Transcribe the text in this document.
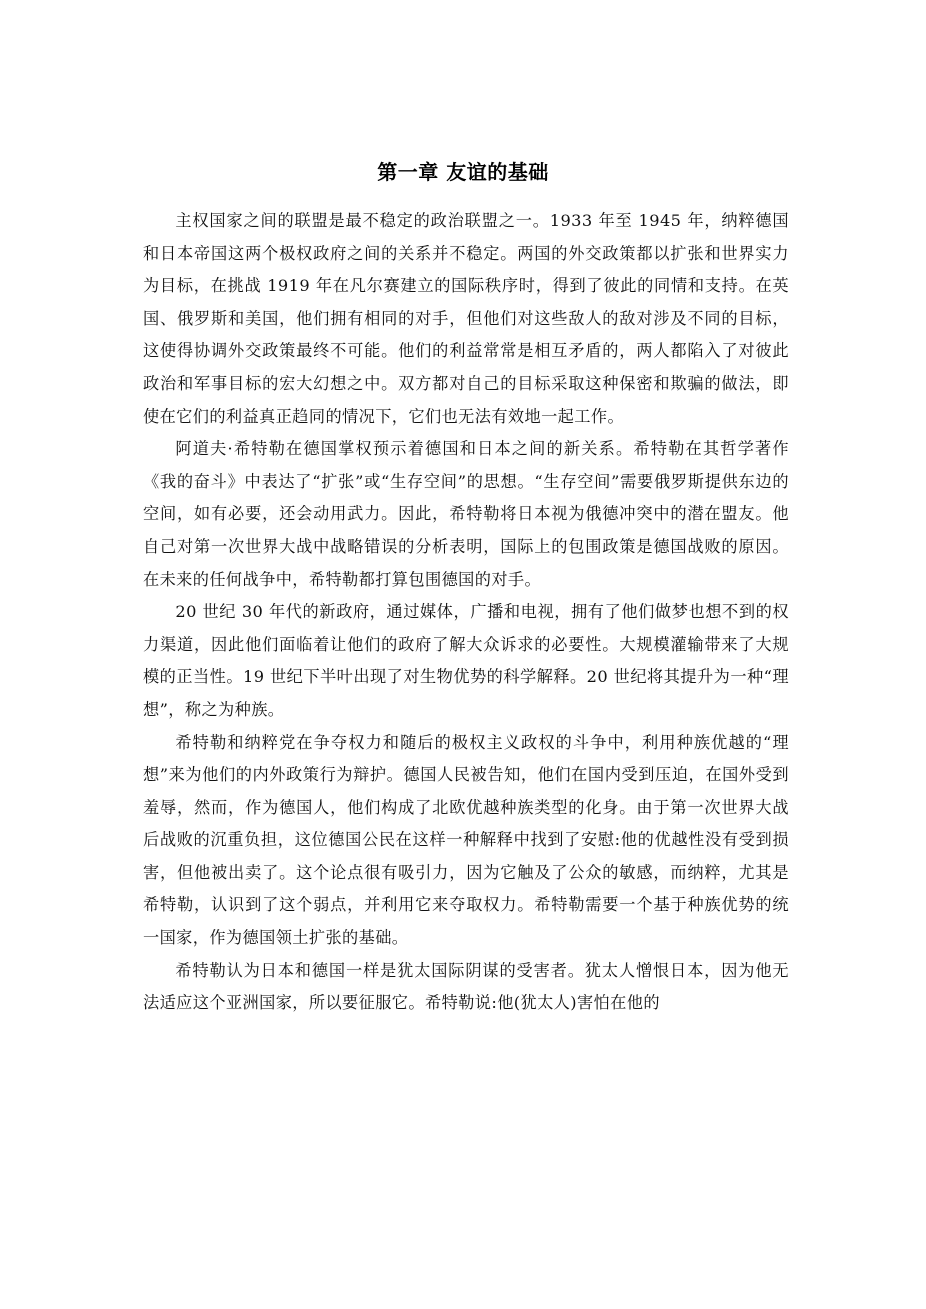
第一章 友谊的基础

主权国家之间的联盟是最不稳定的政治联盟之一。1933 年至 1945 年，纳粹德国和日本帝国这两个极权政府之间的关系并不稳定。两国的外交政策都以扩张和世界实力为目标，在挑战 1919 年在凡尔赛建立的国际秩序时，得到了彼此的同情和支持。在英国、俄罗斯和美国，他们拥有相同的对手，但他们对这些敌人的敌对涉及不同的目标，这使得协调外交政策最终不可能。他们的利益常常是相互矛盾的，两人都陷入了对彼此政治和军事目标的宏大幻想之中。双方都对自己的目标采取这种保密和欺骗的做法，即使在它们的利益真正趋同的情况下，它们也无法有效地一起工作。

阿道夫·希特勒在德国掌权预示着德国和日本之间的新关系。希特勒在其哲学著作《我的奋斗》中表达了“扩张”或“生存空间”的思想。“生存空间”需要俄罗斯提供东边的空间，如有必要，还会动用武力。因此，希特勒将日本视为俄德冲突中的潜在盟友。他自己对第一次世界大战中战略错误的分析表明，国际上的包围政策是德国战败的原因。在未来的任何战争中，希特勒都打算包围德国的对手。

20 世纪 30 年代的新政府，通过媒体，广播和电视，拥有了他们做梦也想不到的权力渠道，因此他们面临着让他们的政府了解大众诉求的必要性。大规模灌输带来了大规模的正当性。19 世纪下半叶出现了对生物优势的科学解释。20 世纪将其提升为一种“理想”，称之为种族。

希特勒和纳粹党在争夺权力和随后的极权主义政权的斗争中，利用种族优越的“理想”来为他们的内外政策行为辩护。德国人民被告知，他们在国内受到压迫，在国外受到羞辱，然而，作为德国人，他们构成了北欧优越种族类型的化身。由于第一次世界大战后战败的沉重负担，这位德国公民在这样一种解释中找到了安慰:他的优越性没有受到损害，但他被出卖了。这个论点很有吸引力，因为它触及了公众的敏感，而纳粹，尤其是希特勒，认识到了这个弱点，并利用它来夺取权力。希特勒需要一个基于种族优势的统一国家，作为德国领土扩张的基础。

希特勒认为日本和德国一样是犹太国际阴谋的受害者。犹太人憎恨日本，因为他无法适应这个亚洲国家，所以要征服它。希特勒说:他(犹太人)害怕在他的
